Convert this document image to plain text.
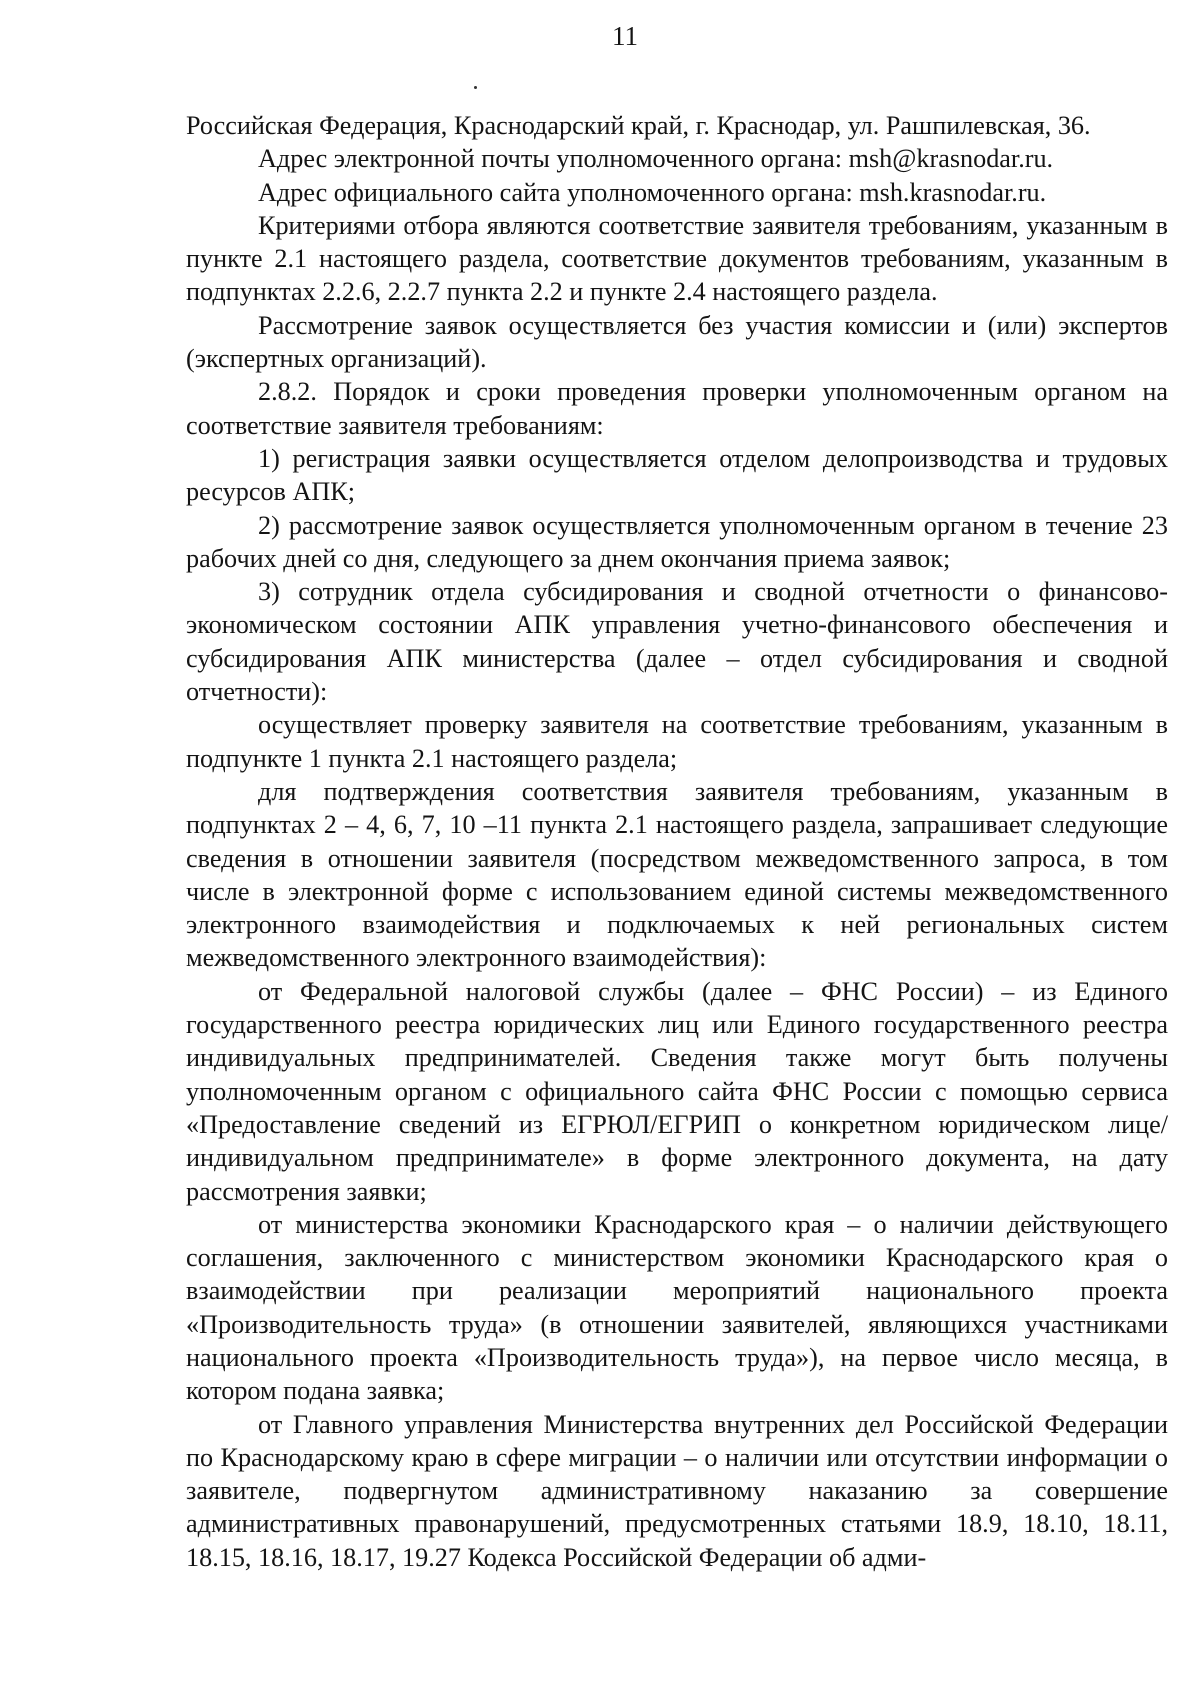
11

Российская Федерация, Краснодарский край, г. Краснодар, ул. Рашпилевская, 36.

Адрес электронной почты уполномоченного органа: msh@krasnodar.ru.

Адрес официального сайта уполномоченного органа: msh.krasnodar.ru.

Критериями отбора являются соответствие заявителя требованиям, указанным в пункте 2.1 настоящего раздела, соответствие документов требованиям, указанным в подпунктах 2.2.6, 2.2.7 пункта 2.2 и пункте 2.4 настоящего раздела.

Рассмотрение заявок осуществляется без участия комиссии и (или) экспертов (экспертных организаций).

2.8.2. Порядок и сроки проведения проверки уполномоченным органом на соответствие заявителя требованиям:

1) регистрация заявки осуществляется отделом делопроизводства и трудовых ресурсов АПК;

2) рассмотрение заявок осуществляется уполномоченным органом в течение 23 рабочих дней со дня, следующего за днем окончания приема заявок;

3) сотрудник отдела субсидирования и сводной отчетности о финансово-экономическом состоянии АПК управления учетно-финансового обеспечения и субсидирования АПК министерства (далее – отдел субсидирования и сводной отчетности):

осуществляет проверку заявителя на соответствие требованиям, указанным в подпункте 1 пункта 2.1 настоящего раздела;

для подтверждения соответствия заявителя требованиям, указанным в подпунктах 2 – 4, 6, 7, 10 –11 пункта 2.1 настоящего раздела, запрашивает следующие сведения в отношении заявителя (посредством межведомственного запроса, в том числе в электронной форме с использованием единой системы межведомственного электронного взаимодействия и подключаемых к ней региональных систем межведомственного электронного взаимодействия):

от Федеральной налоговой службы (далее – ФНС России) – из Единого государственного реестра юридических лиц или Единого государственного реестра индивидуальных предпринимателей. Сведения также могут быть получены уполномоченным органом с официального сайта ФНС России с помощью сервиса «Предоставление сведений из ЕГРЮЛ/ЕГРИП о конкретном юридическом лице/индивидуальном предпринимателе» в форме электронного документа, на дату рассмотрения заявки;

от министерства экономики Краснодарского края – о наличии действующего соглашения, заключенного с министерством экономики Краснодарского края о взаимодействии при реализации мероприятий национального проекта «Производительность труда» (в отношении заявителей, являющихся участниками национального проекта «Производительность труда»), на первое число месяца, в котором подана заявка;

от Главного управления Министерства внутренних дел Российской Федерации по Краснодарскому краю в сфере миграции – о наличии или отсутствии информации о заявителе, подвергнутом административному наказанию за совершение административных правонарушений, предусмотренных статьями 18.9, 18.10, 18.11, 18.15, 18.16, 18.17, 19.27 Кодекса Российской Федерации об адми-
